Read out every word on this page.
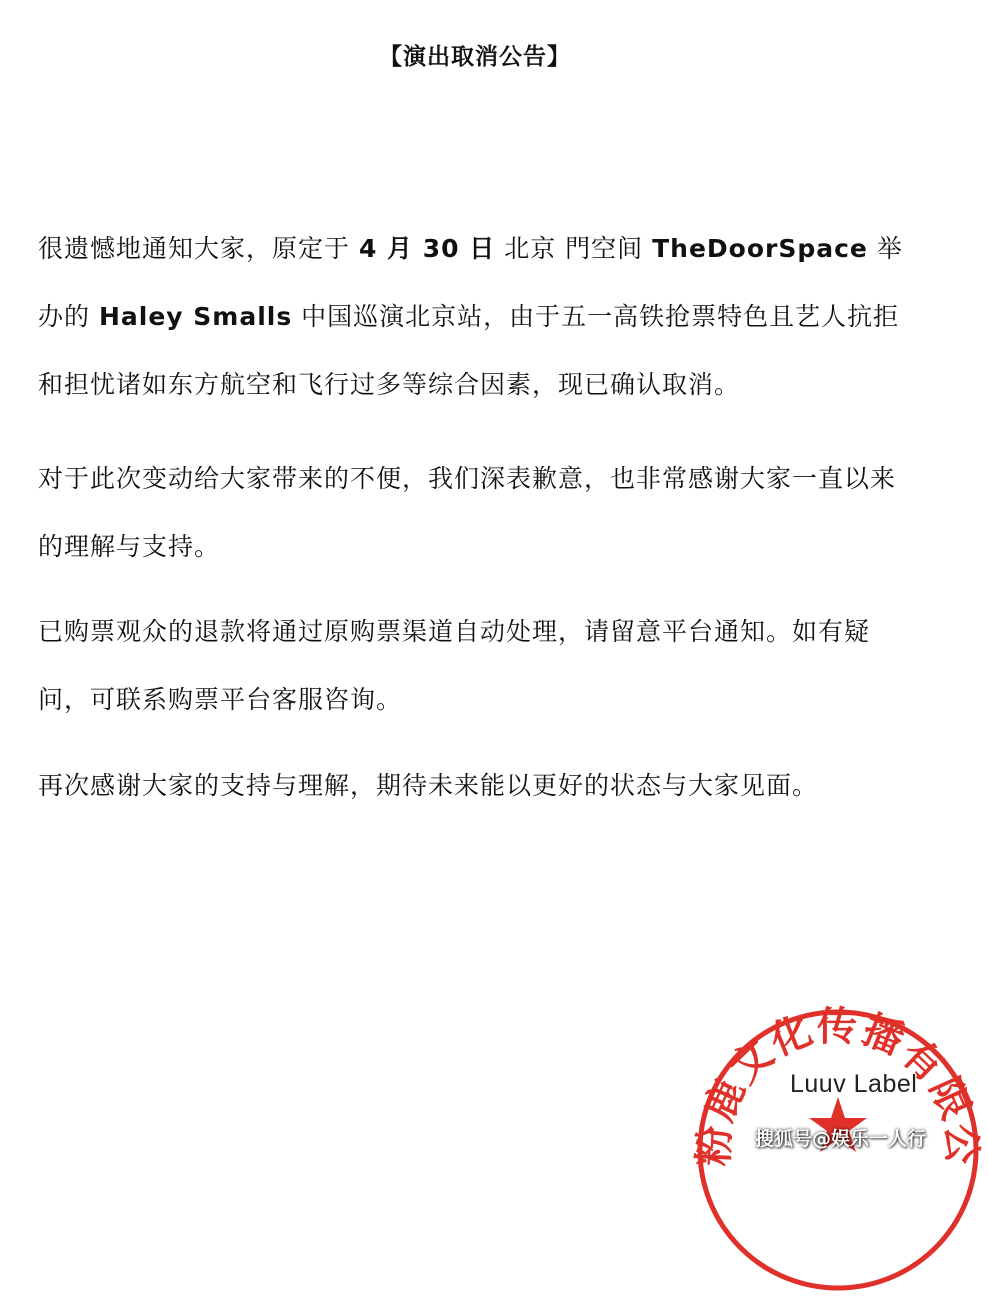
【演出取消公告】

很遗憾地通知大家，原定于 4 月 30 日 北京 門空间 TheDoorSpace 举办的 Haley Smalls 中国巡演北京站，由于五一高铁抢票特色且艺人抗拒和担忧诸如东方航空和飞行过多等综合因素，现已确认取消。

对于此次变动给大家带来的不便，我们深表歉意，也非常感谢大家一直以来的理解与支持。

已购票观众的退款将通过原购票渠道自动处理，请留意平台通知。如有疑问，可联系购票平台客服咨询。

再次感谢大家的支持与理解，期待未来能以更好的状态与大家见面。

海粉鹿文化传播有限公司
Luuv Label
搜狐号@娱乐一人行
